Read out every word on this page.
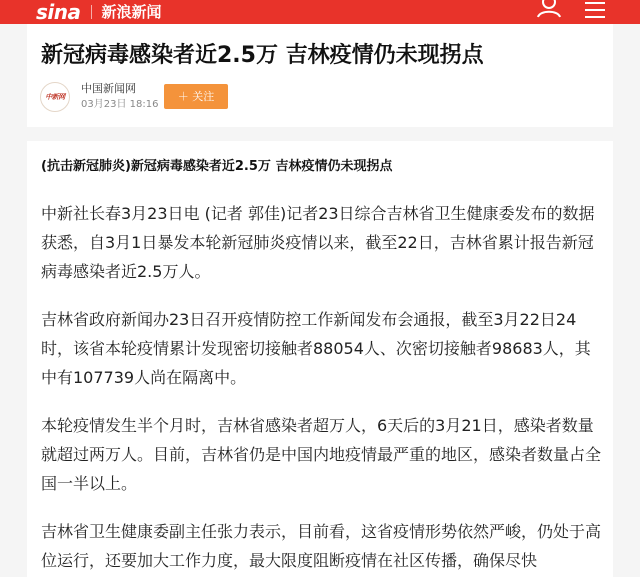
sina 新浪新闻
新冠病毒感染者近2.5万 吉林疫情仍未现拐点
中新网
中国新闻网
03月23日 18:16
＋ 关注
(抗击新冠肺炎)新冠病毒感染者近2.5万 吉林疫情仍未现拐点

中新社长春3月23日电 (记者 郭佳)记者23日综合吉林省卫生健康委发布的数据获悉，自3月1日暴发本轮新冠肺炎疫情以来，截至22日，吉林省累计报告新冠病毒感染者近2.5万人。

吉林省政府新闻办23日召开疫情防控工作新闻发布会通报，截至3月22日24时，该省本轮疫情累计发现密切接触者88054人、次密切接触者98683人，其中有107739人尚在隔离中。

本轮疫情发生半个月时，吉林省感染者超万人，6天后的3月21日，感染者数量就超过两万人。目前，吉林省仍是中国内地疫情最严重的地区，感染者数量占全国一半以上。

吉林省卫生健康委副主任张力表示，目前看，这省疫情形势依然严峻，仍处于高位运行，还要加大工作力度，最大限度阻断疫情在社区传播，确保尽快
